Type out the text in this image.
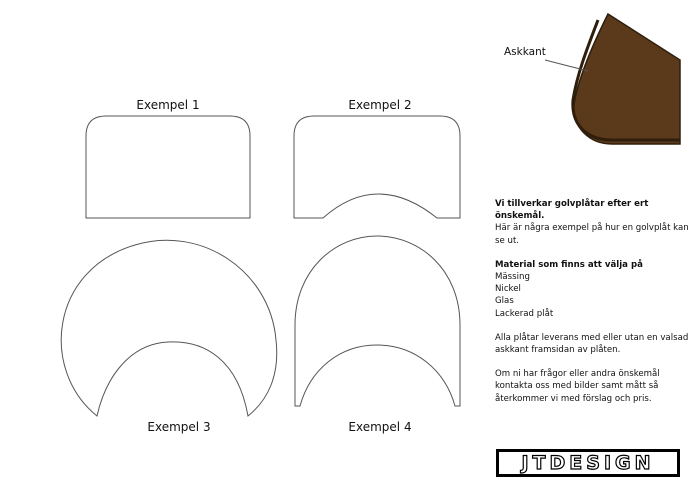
Exempel 1	Exempel 2
Exempel 3	Exempel 4
Askkant

Vi tillverkar golvplåtar efter ert önskemål.

Här är några exempel på hur en golvplåt kan se ut.

Material som finns att välja på

Mässing

Nickel

Glas

Lackerad plåt

Alla plåtar leverans med eller utan en valsad askkant framsidan av plåten.

Om ni har frågor eller andra önskemål kontakta oss med bilder samt mått så återkommer vi med förslag och pris.

JTDESIGN
